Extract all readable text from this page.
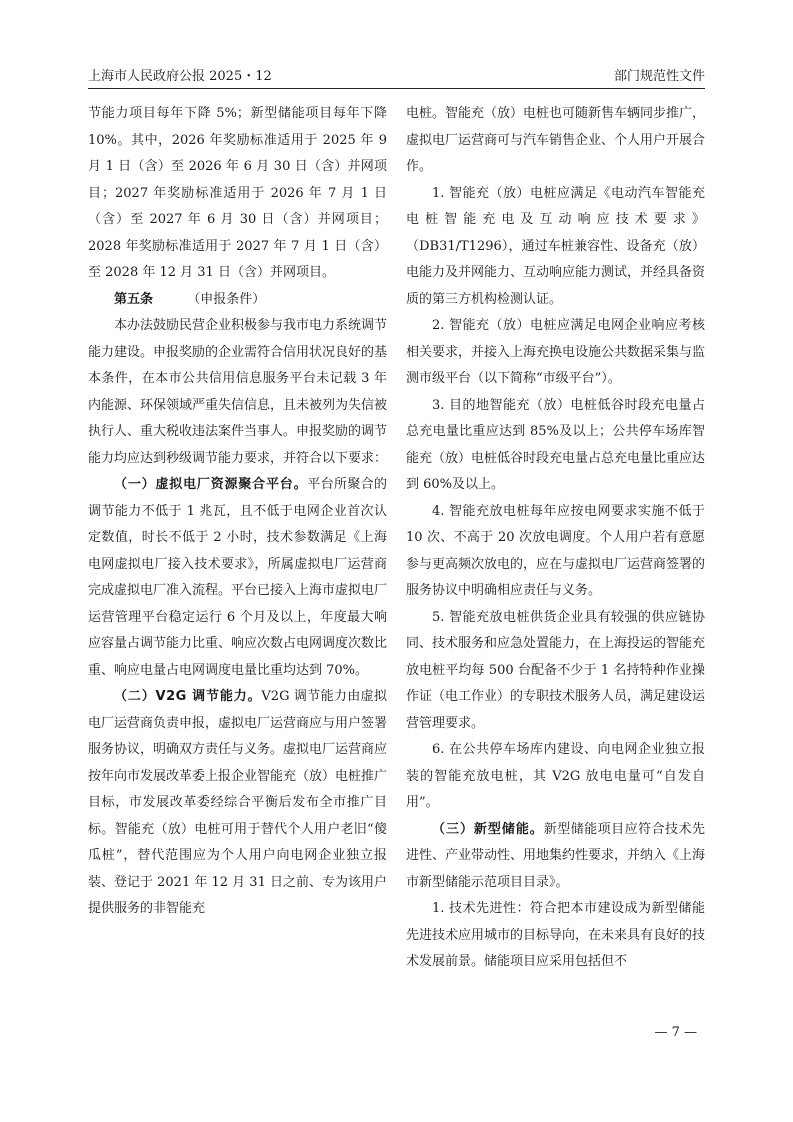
上海市人民政府公报 2025・12	部门规范性文件

节能力项目每年下降 5%；新型储能项目每年下降 10%。其中，2026 年奖励标准适用于 2025 年 9 月 1 日（含）至 2026 年 6 月 30 日（含）并网项目；2027 年奖励标准适用于 2026 年 7 月 1 日（含）至 2027 年 6 月 30 日（含）并网项目；2028 年奖励标准适用于 2027 年 7 月 1 日（含）至 2028 年 12 月 31 日（含）并网项目。

第五条   	（申报条件）

本办法鼓励民营企业积极参与我市电力系统调节能力建设。申报奖励的企业需符合信用状况良好的基本条件，在本市公共信用信息服务平台未记载 3 年内能源、环保领域严重失信信息，且未被列为失信被执行人、重大税收违法案件当事人。申报奖励的调节能力均应达到秒级调节能力要求，并符合以下要求：

（一）虚拟电厂资源聚合平台。平台所聚合的调节能力不低于 1 兆瓦，且不低于电网企业首次认定数值，时长不低于 2 小时，技术参数满足《上海电网虚拟电厂接入技术要求》，所属虚拟电厂运营商完成虚拟电厂准入流程。平台已接入上海市虚拟电厂运营管理平台稳定运行 6 个月及以上，年度最大响应容量占调节能力比重、响应次数占电网调度次数比重、响应电量占电网调度电量比重均达到 70%。

（二）V2G 调节能力。V2G 调节能力由虚拟电厂运营商负责申报，虚拟电厂运营商应与用户签署服务协议，明确双方责任与义务。虚拟电厂运营商应按年向市发展改革委上报企业智能充（放）电桩推广目标，市发展改革委经综合平衡后发布全市推广目标。智能充（放）电桩可用于替代个人用户老旧“傻瓜桩”，替代范围应为个人用户向电网企业独立报装、登记于 2021 年 12 月 31 日之前、专为该用户提供服务的非智能充

电桩。智能充（放）电桩也可随新售车辆同步推广，虚拟电厂运营商可与汽车销售企业、个人用户开展合作。

1. 智能充（放）电桩应满足《电动汽车智能充电桩智能充电及互动响应技术要求》（DB31/T1296），通过车桩兼容性、设备充（放）电能力及并网能力、互动响应能力测试，并经具备资质的第三方机构检测认证。

2. 智能充（放）电桩应满足电网企业响应考核相关要求，并接入上海充换电设施公共数据采集与监测市级平台（以下简称“市级平台”）。

3. 目的地智能充（放）电桩低谷时段充电量占总充电量比重应达到 85%及以上；公共停车场库智能充（放）电桩低谷时段充电量占总充电量比重应达到 60%及以上。

4. 智能充放电桩每年应按电网要求实施不低于 10 次、不高于 20 次放电调度。个人用户若有意愿参与更高频次放电的，应在与虚拟电厂运营商签署的服务协议中明确相应责任与义务。

5. 智能充放电桩供货企业具有较强的供应链协同、技术服务和应急处置能力，在上海投运的智能充放电桩平均每 500 台配备不少于 1 名持特种作业操作证（电工作业）的专职技术服务人员，满足建设运营管理要求。

6. 在公共停车场库内建设、向电网企业独立报装的智能充放电桩，其 V2G 放电电量可“自发自用”。

（三）新型储能。新型储能项目应符合技术先进性、产业带动性、用地集约性要求，并纳入《上海市新型储能示范项目目录》。

1. 技术先进性：符合把本市建设成为新型储能先进技术应用城市的目标导向，在未来具有良好的技术发展前景。储能项目应采用包括但不

— 7 —
